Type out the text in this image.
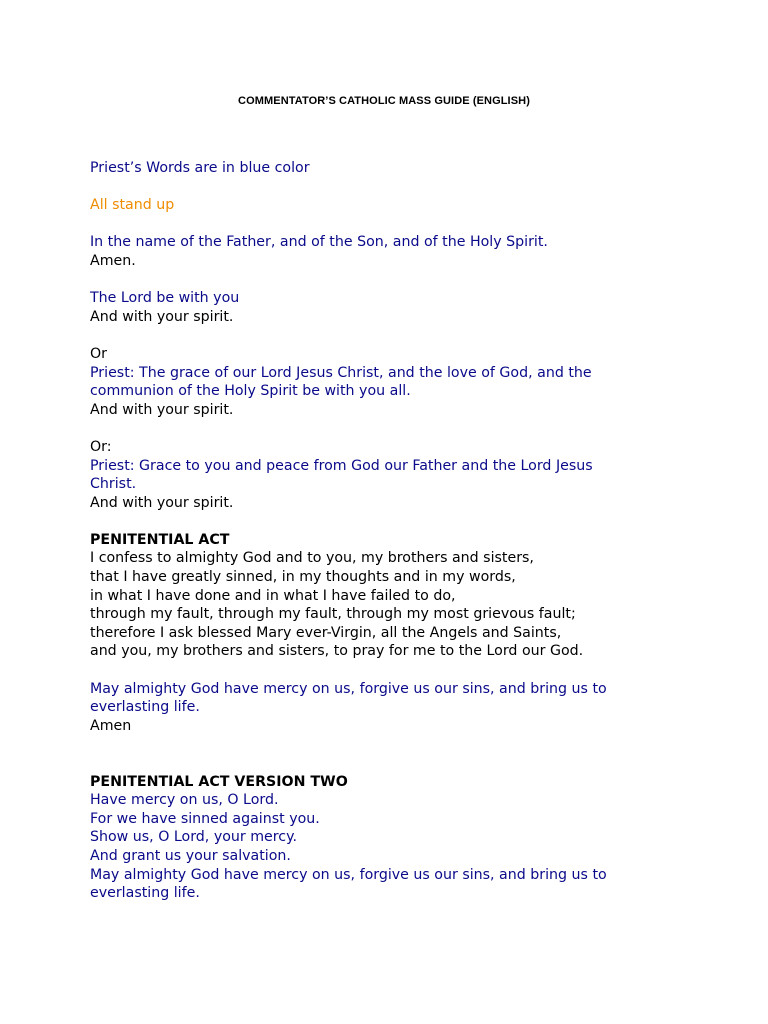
COMMENTATOR’S CATHOLIC MASS GUIDE (ENGLISH)
Priest’s Words are in blue color
All stand up
In the name of the Father, and of the Son, and of the Holy Spirit.
Amen.
The Lord be with you
And with your spirit.
Or
Priest: The grace of our Lord Jesus Christ, and the love of God, and the
communion of the Holy Spirit be with you all.
And with your spirit.
Or:
Priest: Grace to you and peace from God our Father and the Lord Jesus
Christ.
And with your spirit.
PENITENTIAL ACT
I confess to almighty God and to you, my brothers and sisters,
that I have greatly sinned, in my thoughts and in my words,
in what I have done and in what I have failed to do,
through my fault, through my fault, through my most grievous fault;
therefore I ask blessed Mary ever-Virgin, all the Angels and Saints,
and you, my brothers and sisters, to pray for me to the Lord our God.
May almighty God have mercy on us, forgive us our sins, and bring us to
everlasting life.
Amen
PENITENTIAL ACT VERSION TWO
Have mercy on us, O Lord.
For we have sinned against you.
Show us, O Lord, your mercy.
And grant us your salvation.
May almighty God have mercy on us, forgive us our sins, and bring us to
everlasting life.
